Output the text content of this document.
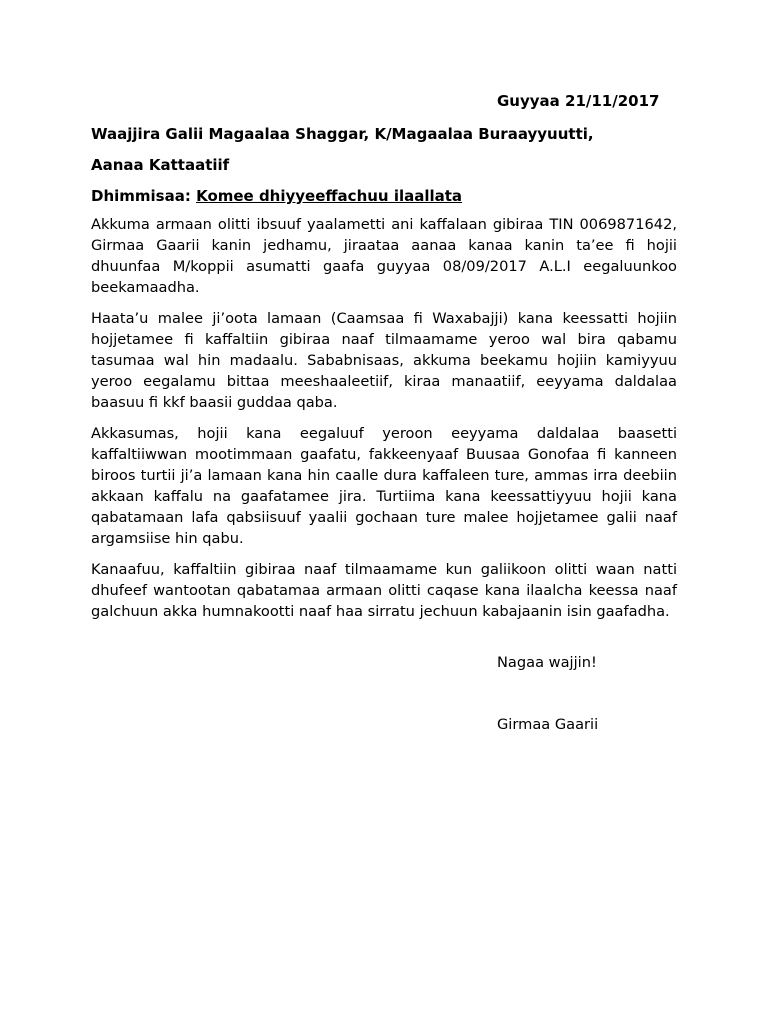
Guyyaa 21/11/2017
Waajjira Galii Magaalaa Shaggar, K/Magaalaa Buraayyuutti,
Aanaa Kattaatiif
Dhimmisaa: Komee dhiyyeeffachuu ilaallata

Akkuma armaan olitti ibsuuf yaalametti ani kaffalaan gibiraa TIN 0069871642, Girmaa Gaarii kanin jedhamu, jiraataa aanaa kanaa kanin ta’ee fi hojii dhuunfaa M/koppii asumatti gaafa guyyaa 08/09/2017 A.L.I eegaluunkoo beekamaadha.

Haata’u malee ji’oota lamaan (Caamsaa fi Waxabajji) kana keessatti hojiin hojjetamee fi kaffaltiin gibiraa naaf tilmaamame yeroo wal bira qabamu tasumaa wal hin madaalu. Sababnisaas, akkuma beekamu hojiin kamiyyuu yeroo eegalamu bittaa meeshaaleetiif, kiraa manaatiif, eeyyama daldalaa baasuu fi kkf baasii guddaa qaba.

Akkasumas, hojii kana eegaluuf yeroon eeyyama daldalaa baasetti kaffaltiiwwan mootimmaan gaafatu, fakkeenyaaf Buusaa Gonofaa fi kanneen biroos turtii ji’a lamaan kana hin caalle dura kaffaleen ture, ammas irra deebiin akkaan kaffalu na gaafatamee jira. Turtiima kana keessattiyyuu hojii kana qabatamaan lafa qabsiisuuf yaalii gochaan ture malee hojjetamee galii naaf argamsiise hin qabu.

Kanaafuu, kaffaltiin gibiraa naaf tilmaamame kun galiikoon olitti waan natti dhufeef wantootan qabatamaa armaan olitti caqase kana ilaalcha keessa naaf galchuun akka humnakootti naaf haa sirratu jechuun kabajaanin isin gaafadha.

Nagaa wajjin!
Girmaa Gaarii
